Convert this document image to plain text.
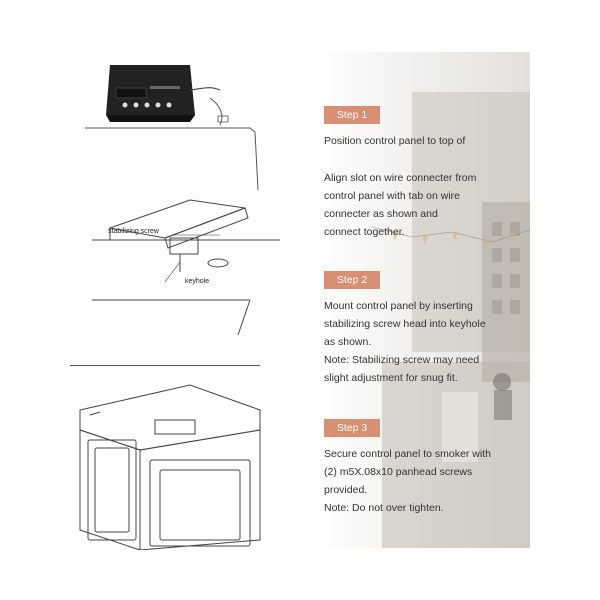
stabilizing screw
keyhole
Step 1

Position control panel to top of

Align slot on wire connecter from
control panel with tab on wire
connecter as shown and
connect together.

Step 2

Mount control panel by inserting
stabilizing screw head into keyhole
as shown.
Note: Stabilizing screw may need
slight adjustment for snug fit.

Step 3

Secure control panel to smoker with
(2) m5X.08x10 panhead screws
provided.
Note: Do not over tighten.
